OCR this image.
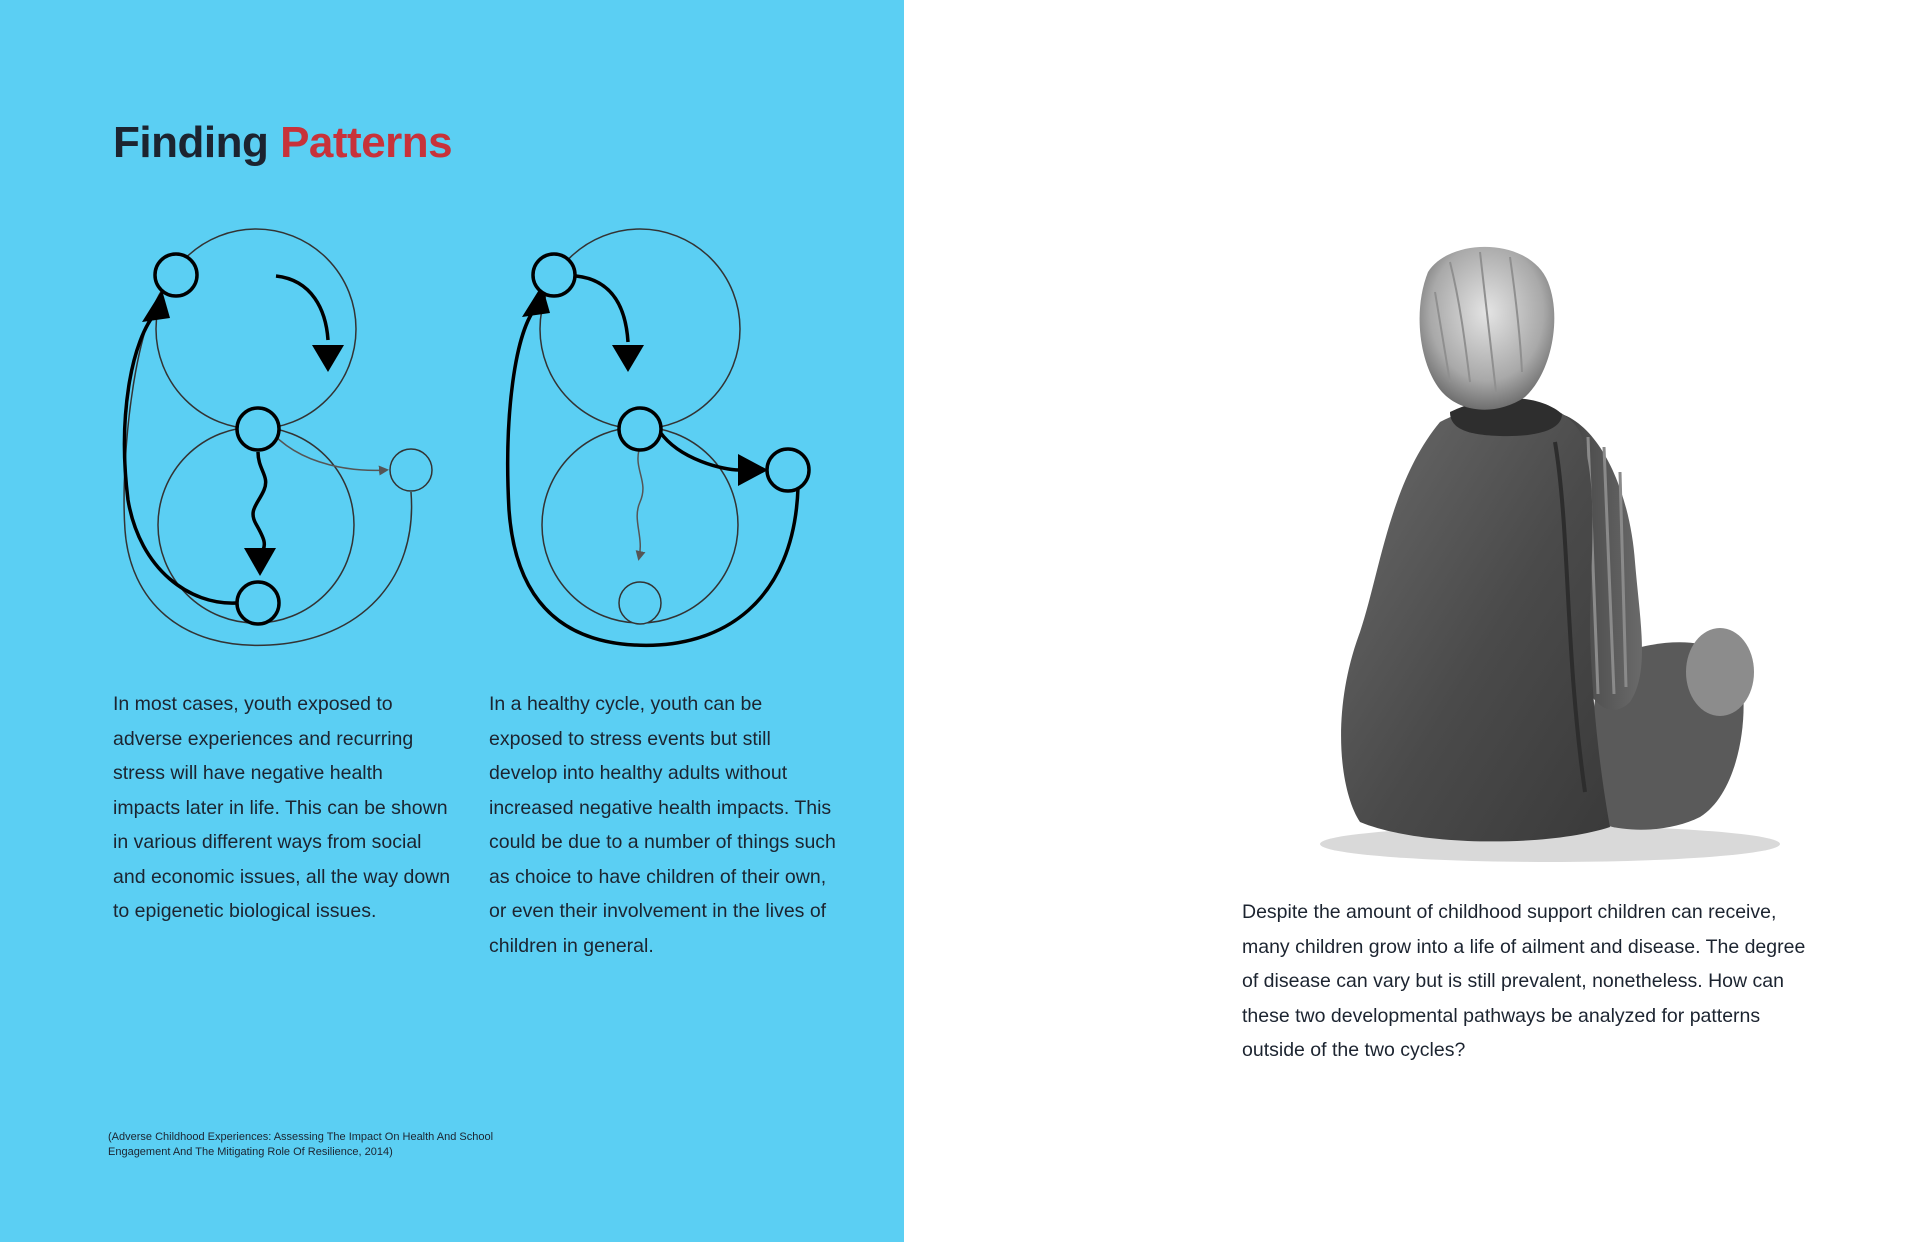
Finding Patterns

In most cases, youth exposed to adverse experiences and recurring stress will have negative health impacts later in life. This can be shown in various different ways from social and economic issues, all the way down to epigenetic biological issues.

In a healthy cycle, youth can be exposed to stress events but still develop into healthy adults without increased negative health impacts. This could be due to a number of things such as choice to have children of their own, or even their involvement in the lives of children in general.

(Adverse Childhood Experiences: Assessing The Impact On Health And School Engagement And The Mitigating Role Of Resilience, 2014)

Despite the amount of childhood support children can receive, many children grow into a life of ailment and disease. The degree of disease can vary but is still prevalent, nonetheless. How can these two developmental pathways be analyzed for patterns outside of the two cycles?
